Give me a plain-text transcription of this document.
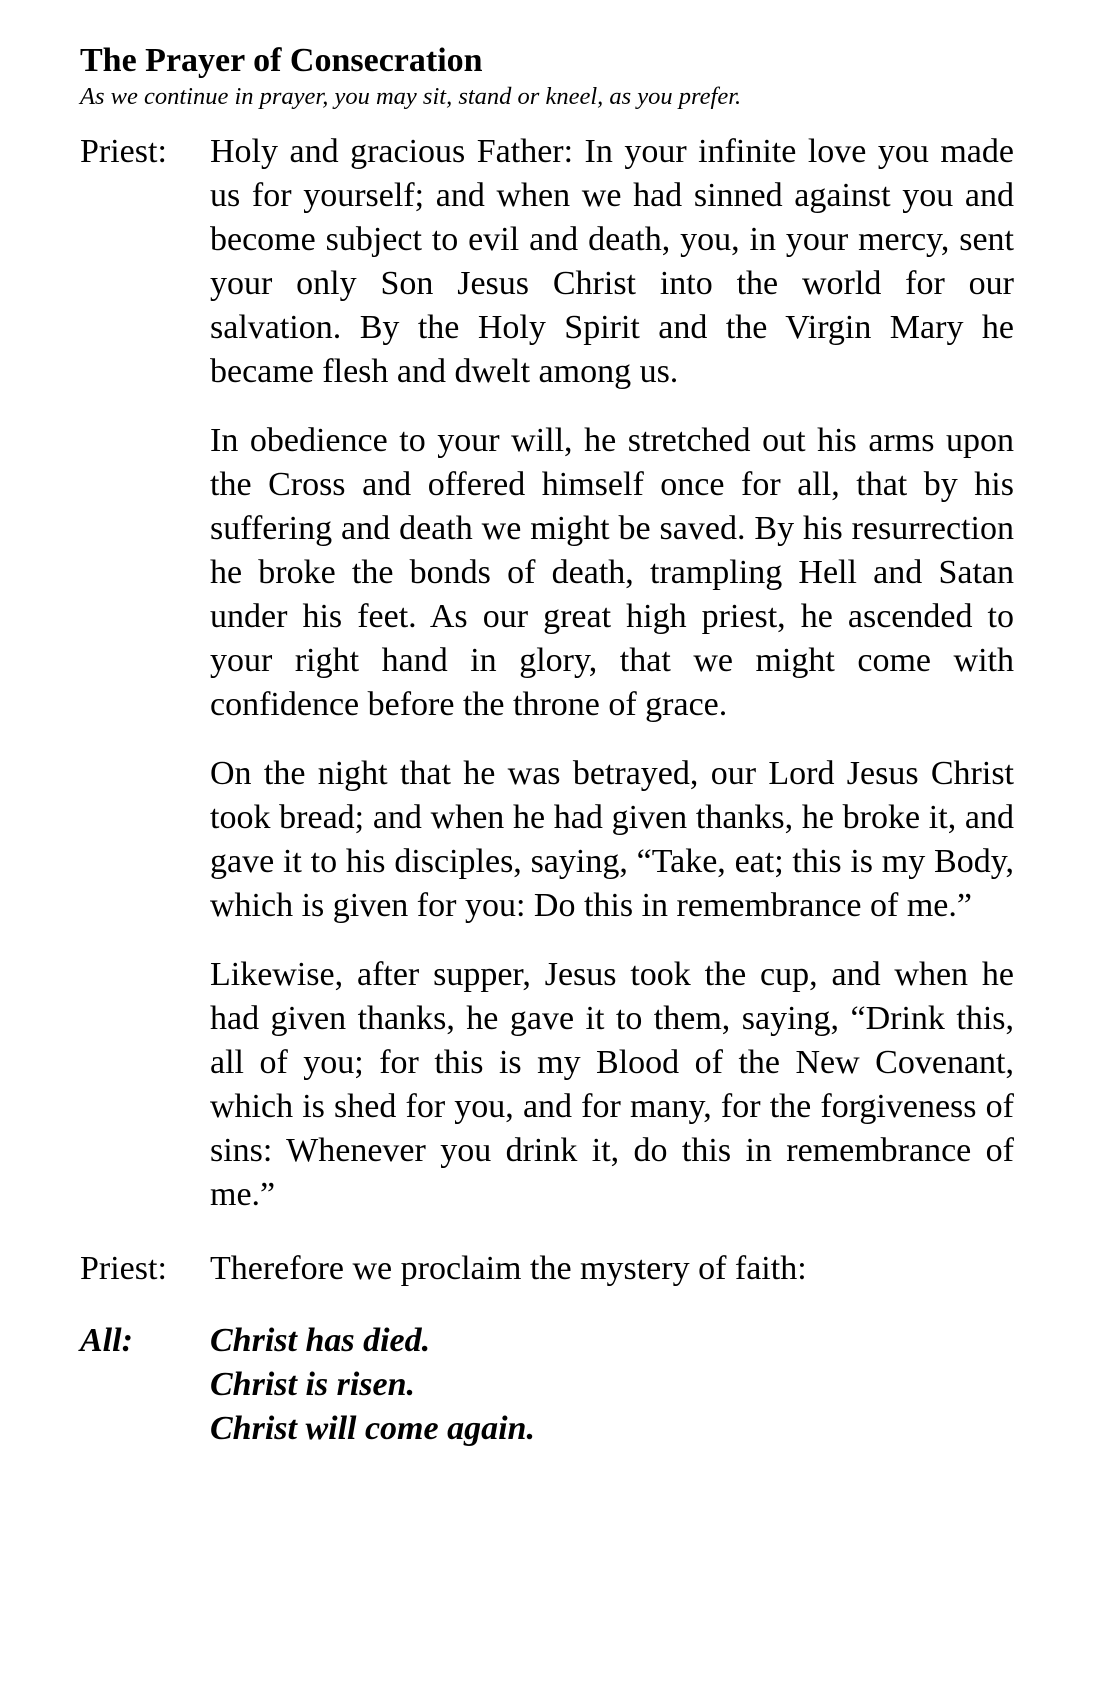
The Prayer of Consecration

As we continue in prayer, you may sit, stand or kneel, as you prefer.

Priest:	Holy and gracious Father: In your infinite love you made us for yourself; and when we had sinned against you and become subject to evil and death, you, in your mercy, sent your only Son Jesus Christ into the world for our salvation. By the Holy Spirit and the Virgin Mary he became flesh and dwelt among us.

In obedience to your will, he stretched out his arms upon the Cross and offered himself once for all, that by his suffering and death we might be saved. By his resurrection he broke the bonds of death, trampling Hell and Satan under his feet. As our great high priest, he ascended to your right hand in glory, that we might come with confidence before the throne of grace.

On the night that he was betrayed, our Lord Jesus Christ took bread; and when he had given thanks, he broke it, and gave it to his disciples, saying, “Take, eat; this is my Body, which is given for you: Do this in remembrance of me.”

Likewise, after supper, Jesus took the cup, and when he had given thanks, he gave it to them, saying, “Drink this, all of you; for this is my Blood of the New Covenant, which is shed for you, and for many, for the forgiveness of sins: Whenever you drink it, do this in remembrance of me.”

Priest:	Therefore we proclaim the mystery of faith:

All:	Christ has died.
Christ is risen.
Christ will come again.
